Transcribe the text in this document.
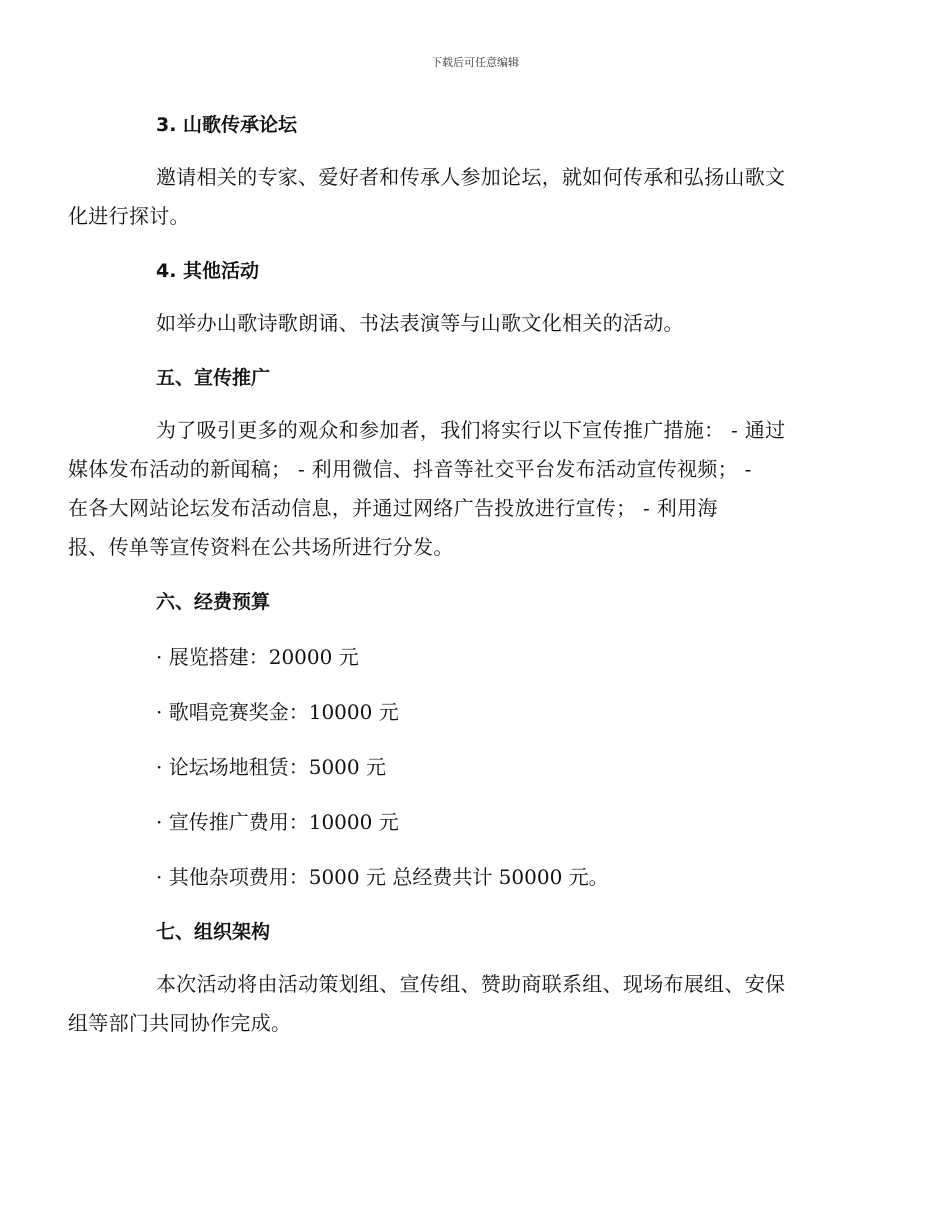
下载后可任意编辑
3. 山歌传承论坛

邀请相关的专家、爱好者和传承人参加论坛，就如何传承和弘扬山歌文
化进行探讨。

4. 其他活动

如举办山歌诗歌朗诵、书法表演等与山歌文化相关的活动。

五、宣传推广

为了吸引更多的观众和参加者，我们将实行以下宣传推广措施： - 通过
媒体发布活动的新闻稿； - 利用微信、抖音等社交平台发布活动宣传视频； -
在各大网站论坛发布活动信息，并通过网络广告投放进行宣传； - 利用海
报、传单等宣传资料在公共场所进行分发。

六、经费预算
· 展览搭建：20000 元
· 歌唱竞赛奖金：10000 元
· 论坛场地租赁：5000 元
· 宣传推广费用：10000 元
· 其他杂项费用：5000 元 总经费共计 50000 元。
七、组织架构

本次活动将由活动策划组、宣传组、赞助商联系组、现场布展组、安保
组等部门共同协作完成。
